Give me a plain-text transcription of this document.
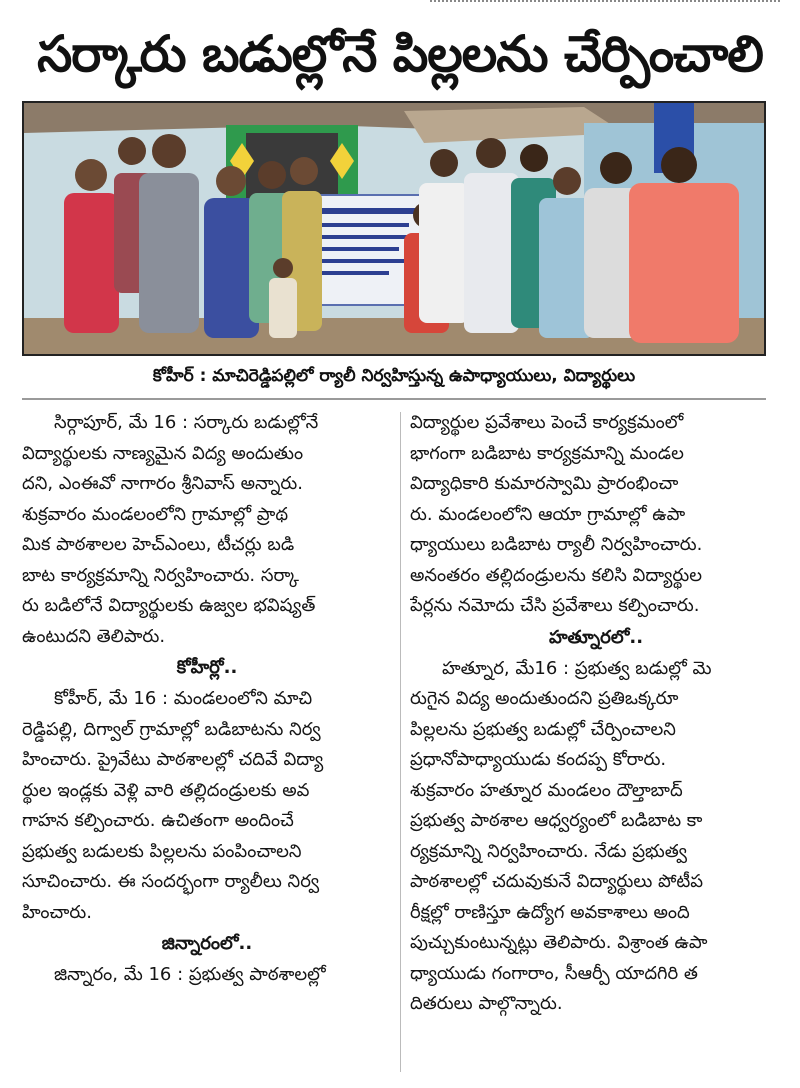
సర్కారు బడుల్లోనే పిల్లలను చేర్పించాలి
కోహీర్ : మాచిరెడ్డిపల్లిలో ర్యాలీ నిర్వహిస్తున్న ఉపాధ్యాయులు, విద్యార్థులు
సిర్గాపూర్, మే 16 : సర్కారు బడుల్లోనే
విద్యార్థులకు నాణ్యమైన విద్య అందుతుం
దని, ఎంఈవో నాగారం శ్రీనివాస్ అన్నారు.
శుక్రవారం మండలంలోని గ్రామాల్లో ప్రాథ
మిక పాఠశాలల హెచ్ఎంలు, టీచర్లు బడి
బాట కార్యక్రమాన్ని నిర్వహించారు. సర్కా
రు బడిలోనే విద్యార్థులకు ఉజ్వల భవిష్యత్
ఉంటుదని తెలిపారు.
కోహీర్లో..
కోహీర్, మే 16 : మండలంలోని మాచి
రెడ్డిపల్లి, దిగ్వాల్ గ్రామాల్లో బడిబాటను నిర్వ
హించారు. ప్రైవేటు పాఠశాలల్లో చదివే విద్యా
ర్థుల ఇండ్లకు వెళ్లి వారి తల్లిదండ్రులకు అవ
గాహన కల్పించారు. ఉచితంగా అందించే
ప్రభుత్వ బడులకు పిల్లలను పంపించాలని
సూచించారు. ఈ సందర్భంగా ర్యాలీలు నిర్వ
హించారు.
జిన్నారంలో..
జిన్నారం, మే 16 : ప్రభుత్వ పాఠశాలల్లో
విద్యార్థుల ప్రవేశాలు పెంచే కార్యక్రమంలో
భాగంగా బడిబాట కార్యక్రమాన్ని మండల
విద్యాధికారి కుమారస్వామి ప్రారంభించా
రు. మండలంలోని ఆయా గ్రామాల్లో ఉపా
ధ్యాయులు బడిబాట ర్యాలీ నిర్వహించారు.
అనంతరం తల్లిదండ్రులను కలిసి విద్యార్థుల
పేర్లను నమోదు చేసి ప్రవేశాలు కల్పించారు.
హత్నూరలో..
హత్నూర, మే16 : ప్రభుత్వ బడుల్లో మె
రుగైన విద్య అందుతుందని ప్రతిఒక్కరూ
పిల్లలను ప్రభుత్వ బడుల్లో చేర్పించాలని
ప్రధానోపాధ్యాయుడు కందప్ప కోరారు.
శుక్రవారం హత్నూర మండలం దౌల్తాబాద్
ప్రభుత్వ పాఠశాల ఆధ్వర్యంలో బడిబాట కా
ర్యక్రమాన్ని నిర్వహించారు. నేడు ప్రభుత్వ
పాఠశాలల్లో చదువుకునే విద్యార్థులు పోటీప
రీక్షల్లో రాణిస్తూ ఉద్యోగ అవకాశాలు అంది
పుచ్చుకుంటున్నట్లు తెలిపారు. విశ్రాంత ఉపా
ధ్యాయుడు గంగారాం, సీఆర్పీ యాదగిరి త
దితరులు పాల్గొన్నారు.
